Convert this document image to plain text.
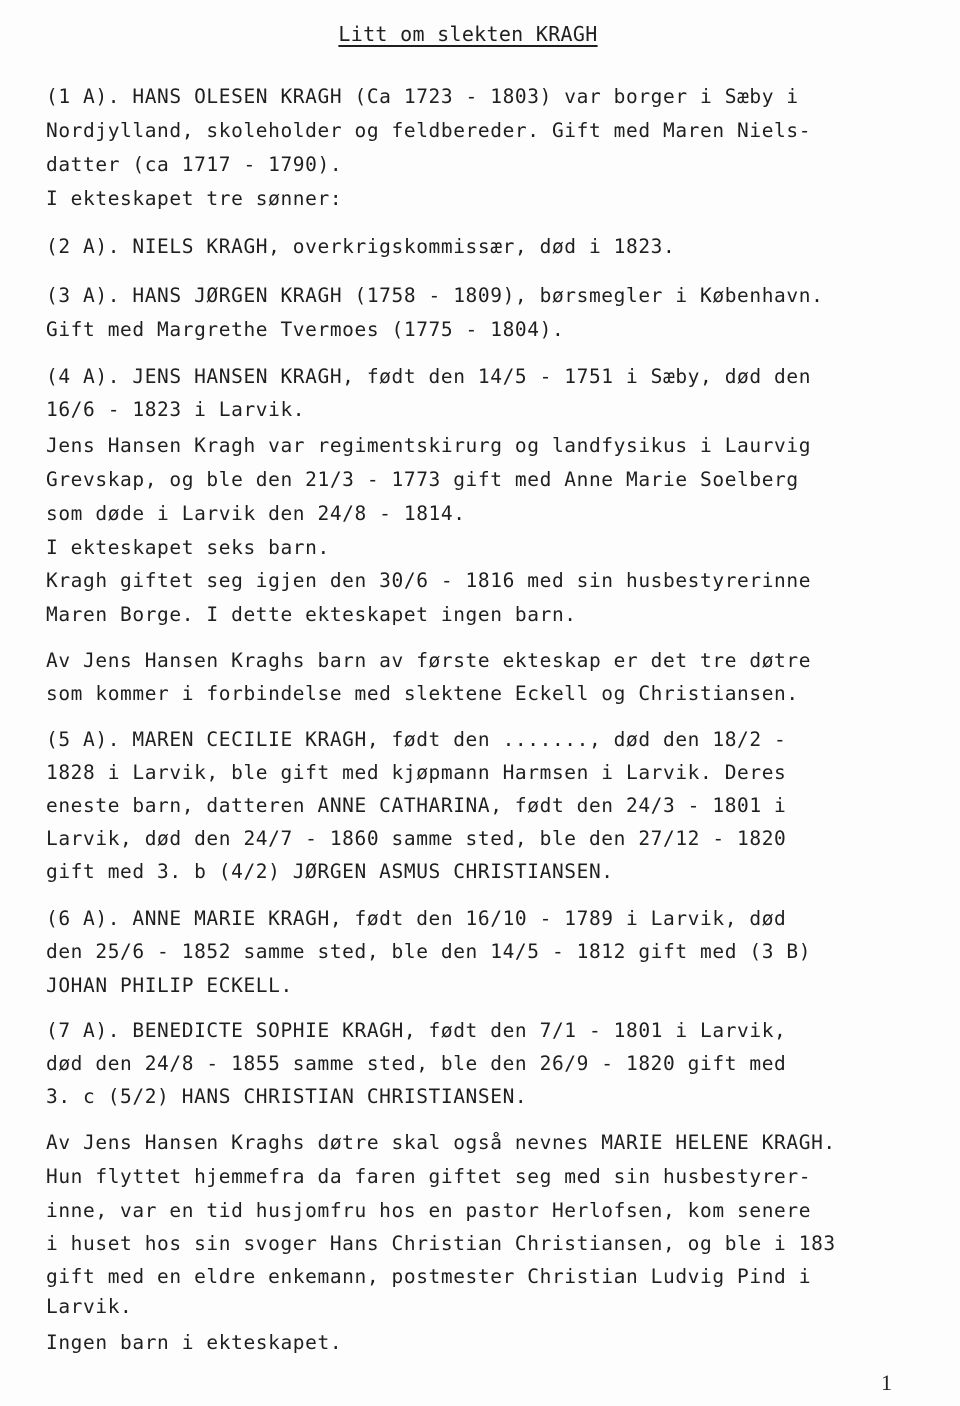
Litt om slekten KRAGH
(1 A). HANS OLESEN KRAGH (Ca 1723 - 1803) var borger i Sæby i
Nordjylland, skoleholder og feldbereder. Gift med Maren Niels-
datter (ca 1717 - 1790).
I ekteskapet tre sønner:
(2 A). NIELS KRAGH, overkrigskommissær, død i 1823.
(3 A). HANS JØRGEN KRAGH (1758 - 1809), børsmegler i København.
Gift med Margrethe Tvermoes (1775 - 1804).
(4 A). JENS HANSEN KRAGH, født den 14/5 - 1751 i Sæby, død den
16/6 - 1823 i Larvik.
Jens Hansen Kragh var regimentskirurg og landfysikus i Laurvig
Grevskap, og ble den 21/3 - 1773 gift med Anne Marie Soelberg
som døde i Larvik den 24/8 - 1814.
I ekteskapet seks barn.
Kragh giftet seg igjen den 30/6 - 1816 med sin husbestyrerinne
Maren Borge. I dette ekteskapet ingen barn.
Av Jens Hansen Kraghs barn av første ekteskap er det tre døtre
som kommer i forbindelse med slektene Eckell og Christiansen.
(5 A). MAREN CECILIE KRAGH, født den ......., død den 18/2 -
1828 i Larvik, ble gift med kjøpmann Harmsen i Larvik. Deres
eneste barn, datteren ANNE CATHARINA, født den 24/3 - 1801 i
Larvik, død den 24/7 - 1860 samme sted, ble den 27/12 - 1820
gift med 3. b (4/2) JØRGEN ASMUS CHRISTIANSEN.
(6 A). ANNE MARIE KRAGH, født den 16/10 - 1789 i Larvik, død
den 25/6 - 1852 samme sted, ble den 14/5 - 1812 gift med (3 B)
JOHAN PHILIP ECKELL.
(7 A). BENEDICTE SOPHIE KRAGH, født den 7/1 - 1801 i Larvik,
død den 24/8 - 1855 samme sted, ble den 26/9 - 1820 gift med
3. c (5/2) HANS CHRISTIAN CHRISTIANSEN.
Av Jens Hansen Kraghs døtre skal også nevnes MARIE HELENE KRAGH.
Hun flyttet hjemmefra da faren giftet seg med sin husbestyrer-
inne, var en tid husjomfru hos en pastor Herlofsen, kom senere
i huset hos sin svoger Hans Christian Christiansen, og ble i 183
gift med en eldre enkemann, postmester Christian Ludvig Pind i
Larvik.
Ingen barn i ekteskapet.
1
